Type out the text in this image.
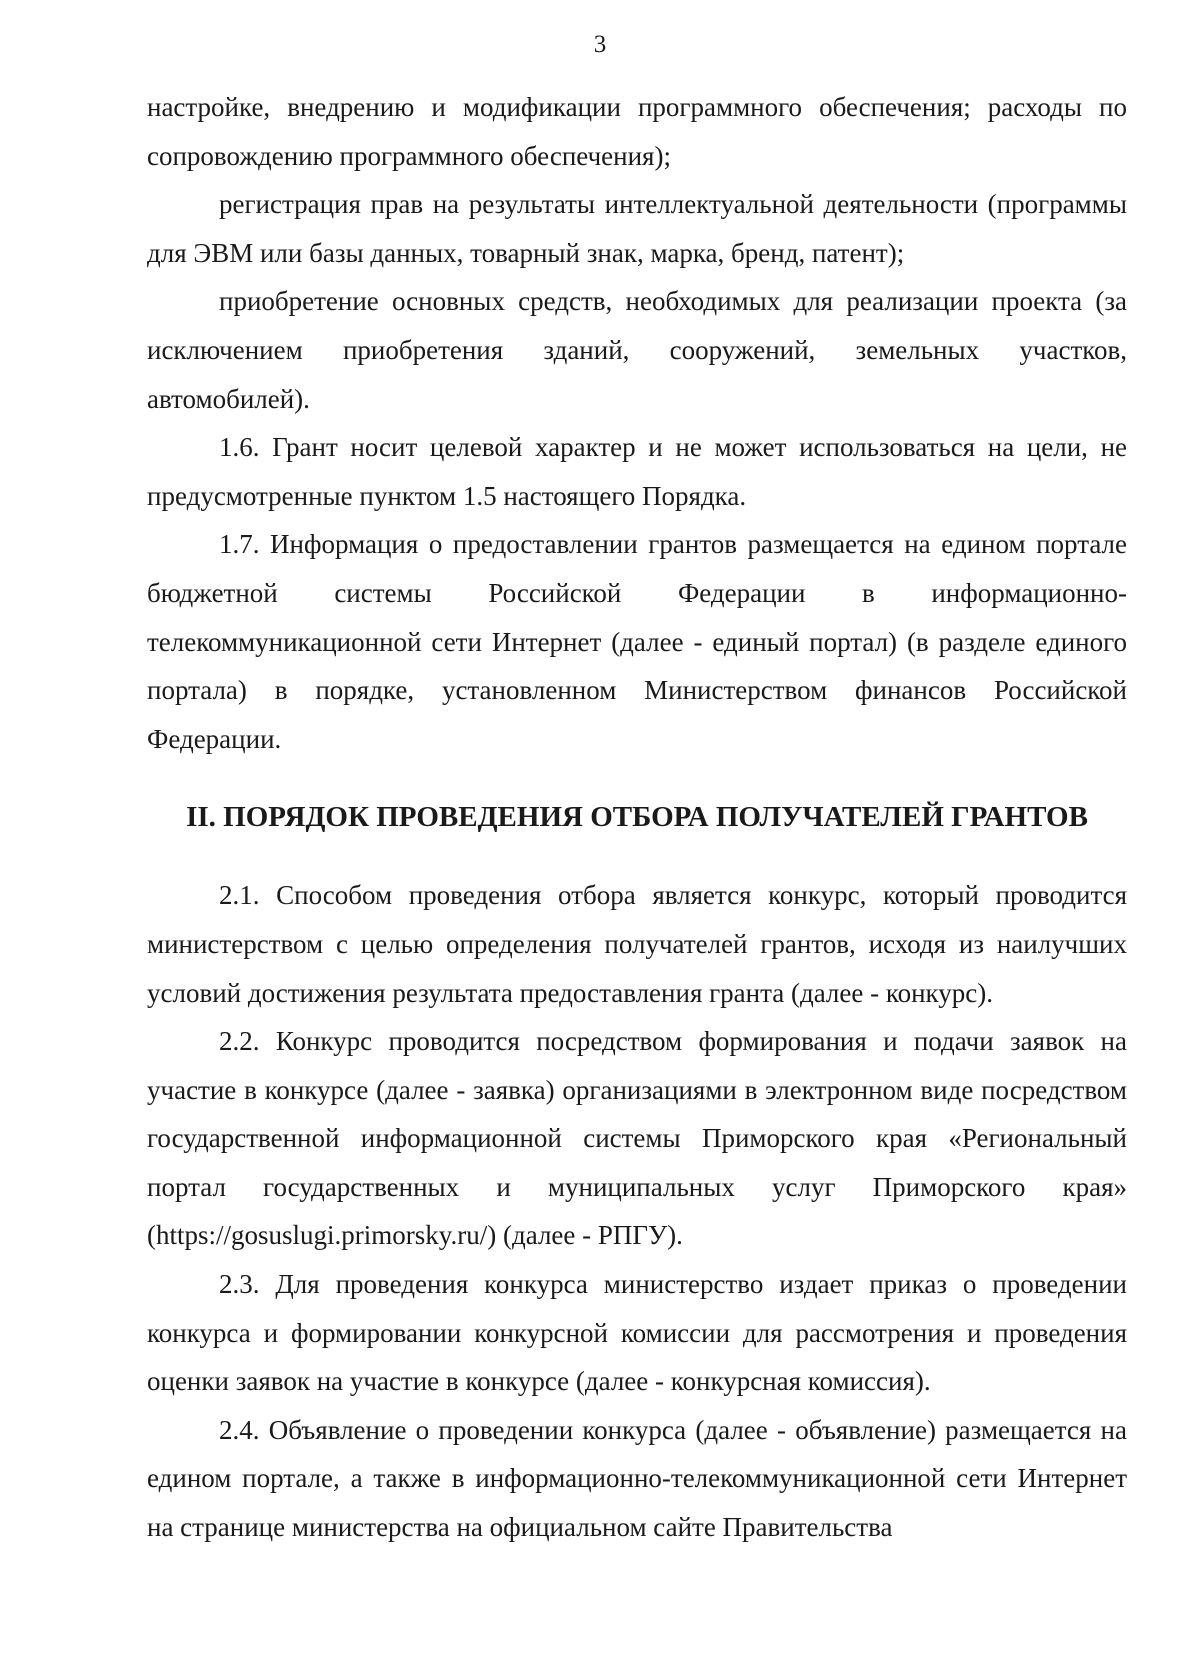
3

настройке, внедрению и модификации программного обеспечения; расходы по сопровождению программного обеспечения);

регистрация прав на результаты интеллектуальной деятельности (программы для ЭВМ или базы данных, товарный знак, марка, бренд, патент);

приобретение основных средств, необходимых для реализации проекта (за исключением приобретения зданий, сооружений, земельных участков, автомобилей).

1.6. Грант носит целевой характер и не может использоваться на цели, не предусмотренные пунктом 1.5 настоящего Порядка.

1.7. Информация о предоставлении грантов размещается на едином портале бюджетной системы Российской Федерации в информационно-телекоммуникационной сети Интернет (далее - единый портал) (в разделе единого портала) в порядке, установленном Министерством финансов Российской Федерации.

II. ПОРЯДОК ПРОВЕДЕНИЯ ОТБОРА ПОЛУЧАТЕЛЕЙ ГРАНТОВ

2.1. Способом проведения отбора является конкурс, который проводится министерством с целью определения получателей грантов, исходя из наилучших условий достижения результата предоставления гранта (далее - конкурс).

2.2. Конкурс проводится посредством формирования и подачи заявок на участие в конкурсе (далее - заявка) организациями в электронном виде посредством государственной информационной системы Приморского края «Региональный портал государственных и муниципальных услуг Приморского края» (https://gosuslugi.primorsky.ru/) (далее - РПГУ).

2.3. Для проведения конкурса министерство издает приказ о проведении конкурса и формировании конкурсной комиссии для рассмотрения и проведения оценки заявок на участие в конкурсе (далее - конкурсная комиссия).

2.4. Объявление о проведении конкурса (далее - объявление) размещается на едином портале, а также в информационно-телекоммуникационной сети Интернет на странице министерства на официальном сайте Правительства
